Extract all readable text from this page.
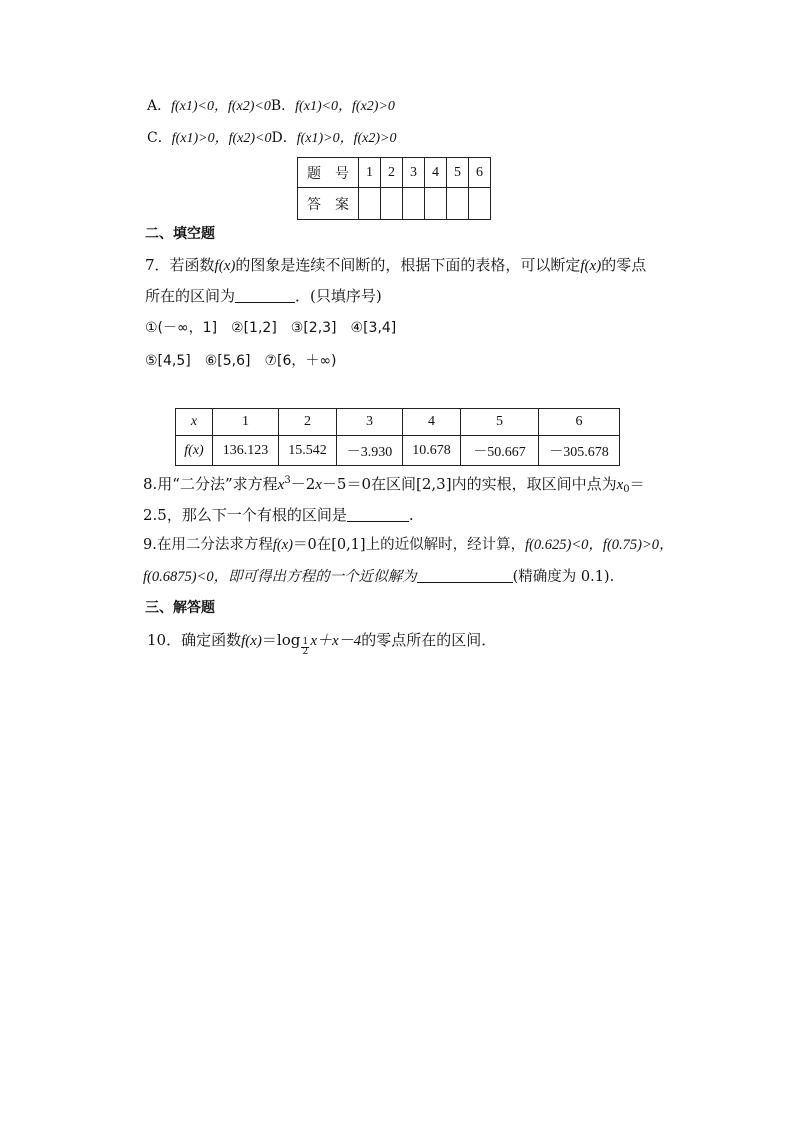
A．f(x1)<0，f(x2)<0B．f(x1)<0，f(x2)>0
C．f(x1)>0，f(x2)<0D．f(x1)>0，f(x2)>0
题　号	1	2	3	4	5	6
答　案						
二、填空题
7．若函数f(x)的图象是连续不间断的，根据下面的表格，可以断定f(x)的零点
所在的区间为	．(只填序号)
①(－∞，1]　②[1,2]　③[2,3]　④[3,4]
⑤[4,5]　⑥[5,6]　⑦[6，＋∞)
x	1	2	3	4	5	6
f(x)	136.123	15.542	－3.930	10.678	－50.667	－305.678
8.用“二分法”求方程$x^3-2x-5=0$在区间[2,3]内的实根，取区间中点为$x_0=$
2.5，那么下一个有根的区间是	.
9.在用二分法求方程f(x)＝0在[0,1]上的近似解时，经计算，f(0.625)<0，f(0.75)>0，
f(0.6875)<0，即可得出方程的一个近似解为	(精确度为 0.1).
三、解答题
10．确定函数$f(x)=\log \frac{1}{2} x+x-4$的零点所在的区间．
